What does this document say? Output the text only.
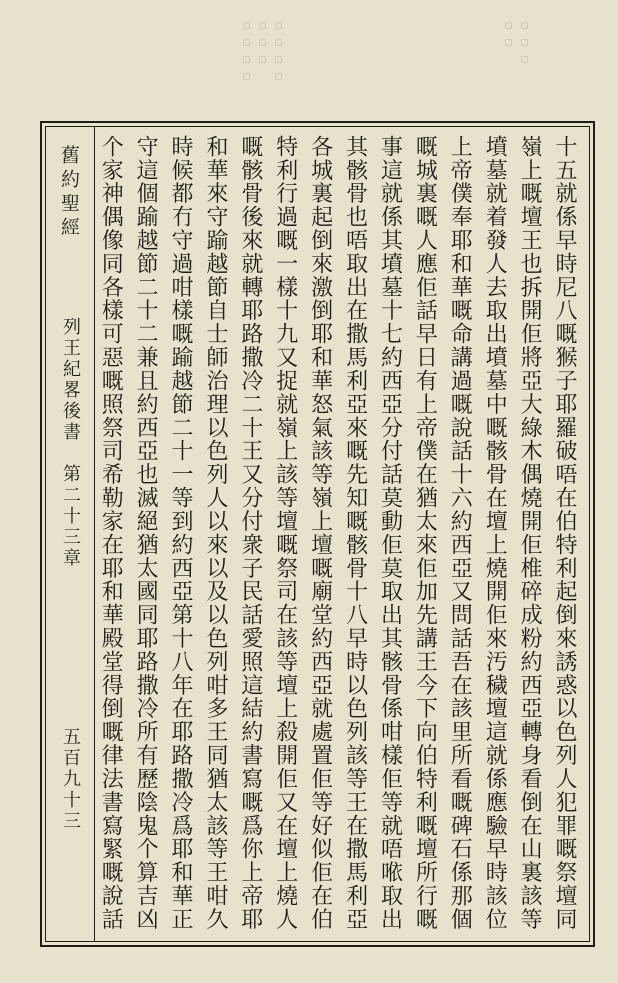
▫▫▫▫ ▫▫▫ ▫▫▫▫	▫▫▫ ▫▫
舊約聖經
列王紀畧後書　第二十三章
五百九十三
十五就係早時尼八嘅𤠣子耶羅破唔在伯特利起倒來誘惑以色列人犯罪嘅祭壇同嶺上嘅壇王也拆開佢將亞大綠木偶燒開佢椎碎成粉約西亞轉身看倒在山裏該等墳墓就着發人去取出墳墓中嘅骸骨在壇上燒開佢來汚穢壇這就係應驗早時該位上帝僕奉耶和華嘅命講過嘅說話十六約西亞又問話吾在該里所看嘅碑石係那個嘅城裏嘅人應佢話早日有上帝僕在猶太來佢加先講王今下向伯特利嘅壇所行嘅事這就係其墳墓十七約西亞分付話莫動佢莫取出其骸骨係咁樣佢等就唔𠵱取出其骸骨也唔取出在撒馬利亞來嘅先知嘅骸骨十八早時以色列該等王在撒馬利亞各城裏起倒來激倒耶和華怒氣該等嶺上壇嘅廟堂約西亞就處置佢等好似佢在伯特利行過嘅一樣十九又捉就嶺上該等壇嘅祭司在該等壇上殺開佢又在壇上燒人嘅骸骨後來就轉耶路撒冷二十王又分付衆子民話愛照這結約書寫嘅爲你上帝耶和華來守踰越節自士師治理以色列人以來以及以色列咁多王同猶太該等王咁久時候都冇守過咁樣嘅踰越節二十一等到約西亞第十八年在耶路撒冷爲耶和華正守這個踰越節二十二兼且約西亞也滅絕猶太國同耶路撒冷所有歷陰鬼个算吉凶个家神偶像同各樣可惡嘅照祭司希勒家在耶和華殿堂得倒嘅律法書寫緊嘅說話
